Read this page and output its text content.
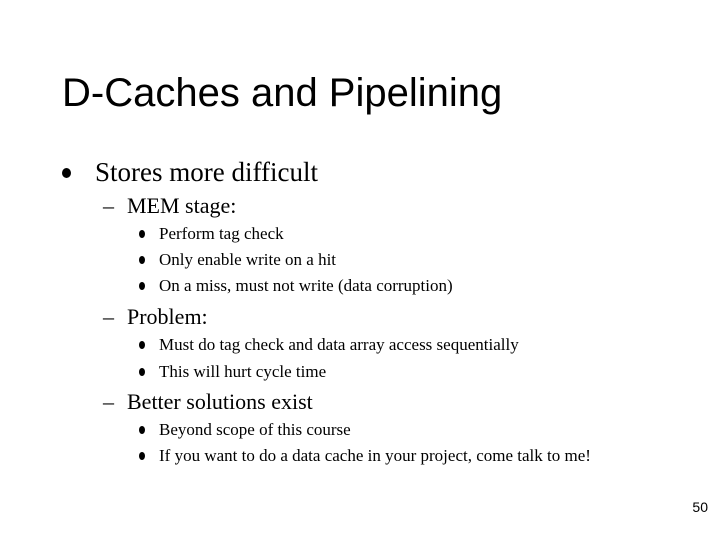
D-Caches and Pipelining
Stores more difficult
– MEM stage:
Perform tag check
Only enable write on a hit
On a miss, must not write (data corruption)
– Problem:
Must do tag check and data array access sequentially
This will hurt cycle time
– Better solutions exist
Beyond scope of this course
If you want to do a data cache in your project, come talk to me!
50
